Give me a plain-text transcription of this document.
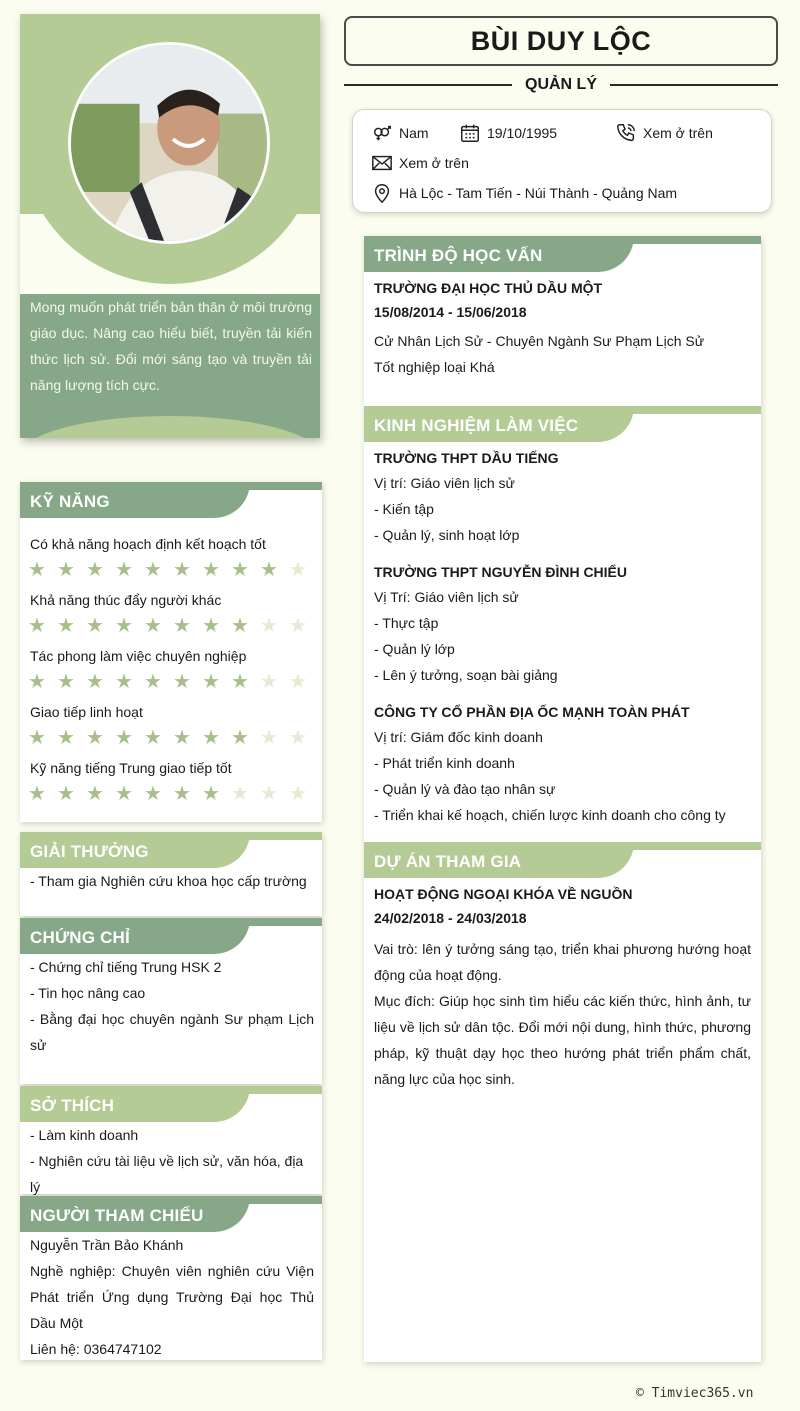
Mong muốn phát triển bản thân ở môi trường giáo dục. Nâng cao hiểu biết, truyền tải kiến thức lịch sử. Đổi mới sáng tạo và truyền tải năng lượng tích cực.
KỸ NĂNG
Có khả năng hoạch định kết hoạch tốt
★ ★ ★ ★ ★ ★ ★ ★ ★ ★
Khả năng thúc đẩy người khác
★ ★ ★ ★ ★ ★ ★ ★ ★ ★
Tác phong làm việc chuyên nghiệp
★ ★ ★ ★ ★ ★ ★ ★ ★ ★
Giao tiếp linh hoạt
★ ★ ★ ★ ★ ★ ★ ★ ★ ★
Kỹ năng tiếng Trung giao tiếp tốt
★ ★ ★ ★ ★ ★ ★ ★ ★ ★
GIẢI THƯỞNG
- Tham gia Nghiên cứu khoa học cấp trường
CHỨNG CHỈ
- Chứng chỉ tiếng Trung HSK 2
- Tin học nâng cao
- Bằng đại học chuyên ngành Sư phạm Lịch sử
SỞ THÍCH
- Làm kinh doanh
- Nghiên cứu tài liệu về lịch sử, văn hóa, địa lý
NGƯỜI THAM CHIẾU
Nguyễn Trần Bảo Khánh
Nghề nghiệp: Chuyên viên nghiên cứu Viện Phát triển Ứng dụng Trường Đại học Thủ Dầu Một
Liên hệ: 0364747102
BÙI DUY LỘC
QUẢN LÝ
Nam	19/10/1995	Xem ở trên
Xem ở trên
Hà Lộc - Tam Tiến - Núi Thành - Quảng Nam
TRÌNH ĐỘ HỌC VẤN
TRƯỜNG ĐẠI HỌC THỦ DẦU MỘT
15/08/2014 - 15/06/2018
Cử Nhân Lịch Sử - Chuyên Ngành Sư Phạm Lịch Sử
Tốt nghiệp loại Khá
KINH NGHIỆM LÀM VIỆC
TRƯỜNG THPT DẦU TIẾNG
Vị trí: Giáo viên lịch sử
- Kiến tập
- Quản lý, sinh hoạt lớp
TRƯỜNG THPT NGUYỄN ĐÌNH CHIỂU
Vị Trí: Giáo viên lịch sử
- Thực tập
- Quản lý lớp
- Lên ý tưởng, soạn bài giảng
CÔNG TY CỔ PHẦN ĐỊA ỐC MẠNH TOÀN PHÁT
Vị trí: Giám đốc kinh doanh
- Phát triển kinh doanh
- Quản lý và đào tạo nhân sự
- Triển khai kế hoạch, chiến lược kinh doanh cho công ty
DỰ ÁN THAM GIA
HOẠT ĐỘNG NGOẠI KHÓA VỀ NGUỒN
24/02/2018 - 24/03/2018
Vai trò: lên ý tưởng sáng tạo, triển khai phương hướng hoạt động của hoạt động.
Mục đích: Giúp học sinh tìm hiểu các kiến thức, hình ảnh, tư liệu về lịch sử dân tộc. Đổi mới nội dung, hình thức, phương pháp, kỹ thuật dạy học theo hướng phát triển phẩm chất, năng lực của học sinh.
© Timviec365.vn
